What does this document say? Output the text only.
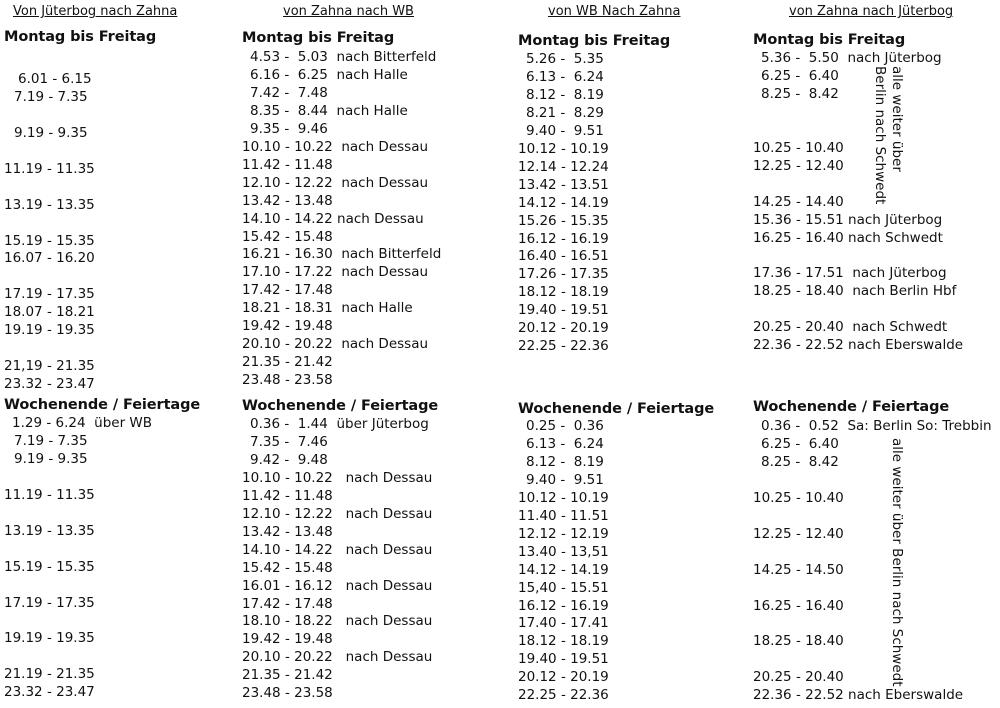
Von Jüterbog nach Zahna	von Zahna nach WB	von WB Nach Zahna	von Zahna nach Jüterbog
Montag bis Freitag
6.01 - 6.15
7.19 - 7.35
9.19 - 9.35
11.19 - 11.35
13.19 - 13.35
15.19 - 15.35
16.07 - 16.20
17.19 - 17.35
18.07 - 18.21
19.19 - 19.35
21,19 - 21.35
23.32 - 23.47
Wochenende / Feiertage
1.29 - 6.24  über WB
7.19 - 7.35
9.19 - 9.35
11.19 - 11.35
13.19 - 13.35
15.19 - 15.35
17.19 - 17.35
19.19 - 19.35
21.19 - 21.35
23.32 - 23.47
Montag bis Freitag
4.53 -  5.03  nach Bitterfeld
6.16 -  6.25  nach Halle
7.42 -  7.48
8.35 -  8.44  nach Halle
9.35 -  9.46
10.10 - 10.22  nach Dessau
11.42 - 11.48
12.10 - 12.22  nach Dessau
13.42 - 13.48
14.10 - 14.22 nach Dessau
15.42 - 15.48
16.21 - 16.30  nach Bitterfeld
17.10 - 17.22  nach Dessau
17.42 - 17.48
18.21 - 18.31  nach Halle
19.42 - 19.48
20.10 - 20.22  nach Dessau
21.35 - 21.42
23.48 - 23.58
Wochenende / Feiertage
0.36 -  1.44  über Jüterbog
7.35 -  7.46
9.42 -  9.48
10.10 - 10.22   nach Dessau
11.42 - 11.48
12.10 - 12.22   nach Dessau
13.42 - 13.48
14.10 - 14.22   nach Dessau
15.42 - 15.48
16.01 - 16.12   nach Dessau
17.42 - 17.48
18.10 - 18.22   nach Dessau
19.42 - 19.48
20.10 - 20.22   nach Dessau
21.35 - 21.42
23.48 - 23.58
Montag bis Freitag
5.26 -  5.35
6.13 -  6.24
8.12 -  8.19
8.21 -  8.29
9.40 -  9.51
10.12 - 10.19
12.14 - 12.24
13.42 - 13.51
14.12 - 14.19
15.26 - 15.35
16.12 - 16.19
16.40 - 16.51
17.26 - 17.35
18.12 - 18.19
19.40 - 19.51
20.12 - 20.19
22.25 - 22.36
Wochenende / Feiertage
0.25 -  0.36
6.13 -  6.24
8.12 -  8.19
9.40 -  9.51
10.12 - 10.19
11.40 - 11.51
12.12 - 12.19
13.40 - 13,51
14.12 - 14.19
15,40 - 15.51
16.12 - 16.19
17.40 - 17.41
18.12 - 18.19
19.40 - 19.51
20.12 - 20.19
22.25 - 22.36
Montag bis Freitag
5.36 -  5.50  nach Jüterbog
6.25 -  6.40
8.25 -  8.42
10.25 - 10.40
12.25 - 12.40
14.25 - 14.40
15.36 - 15.51 nach Jüterbog
16.25 - 16.40 nach Schwedt
17.36 - 17.51  nach Jüterbog
18.25 - 18.40  nach Berlin Hbf
20.25 - 20.40  nach Schwedt
22.36 - 22.52 nach Eberswalde
alle weiter über
Berlin nach Schwedt
Wochenende / Feiertage
0.36 -  0.52  Sa: Berlin So: Trebbin
6.25 -  6.40
8.25 -  8.42
10.25 - 10.40
12.25 - 12.40
14.25 - 14.50
16.25 - 16.40
18.25 - 18.40
20.25 - 20.40
22.36 - 22.52 nach Eberswalde
alle weiter über Berlin nach Schwedt
